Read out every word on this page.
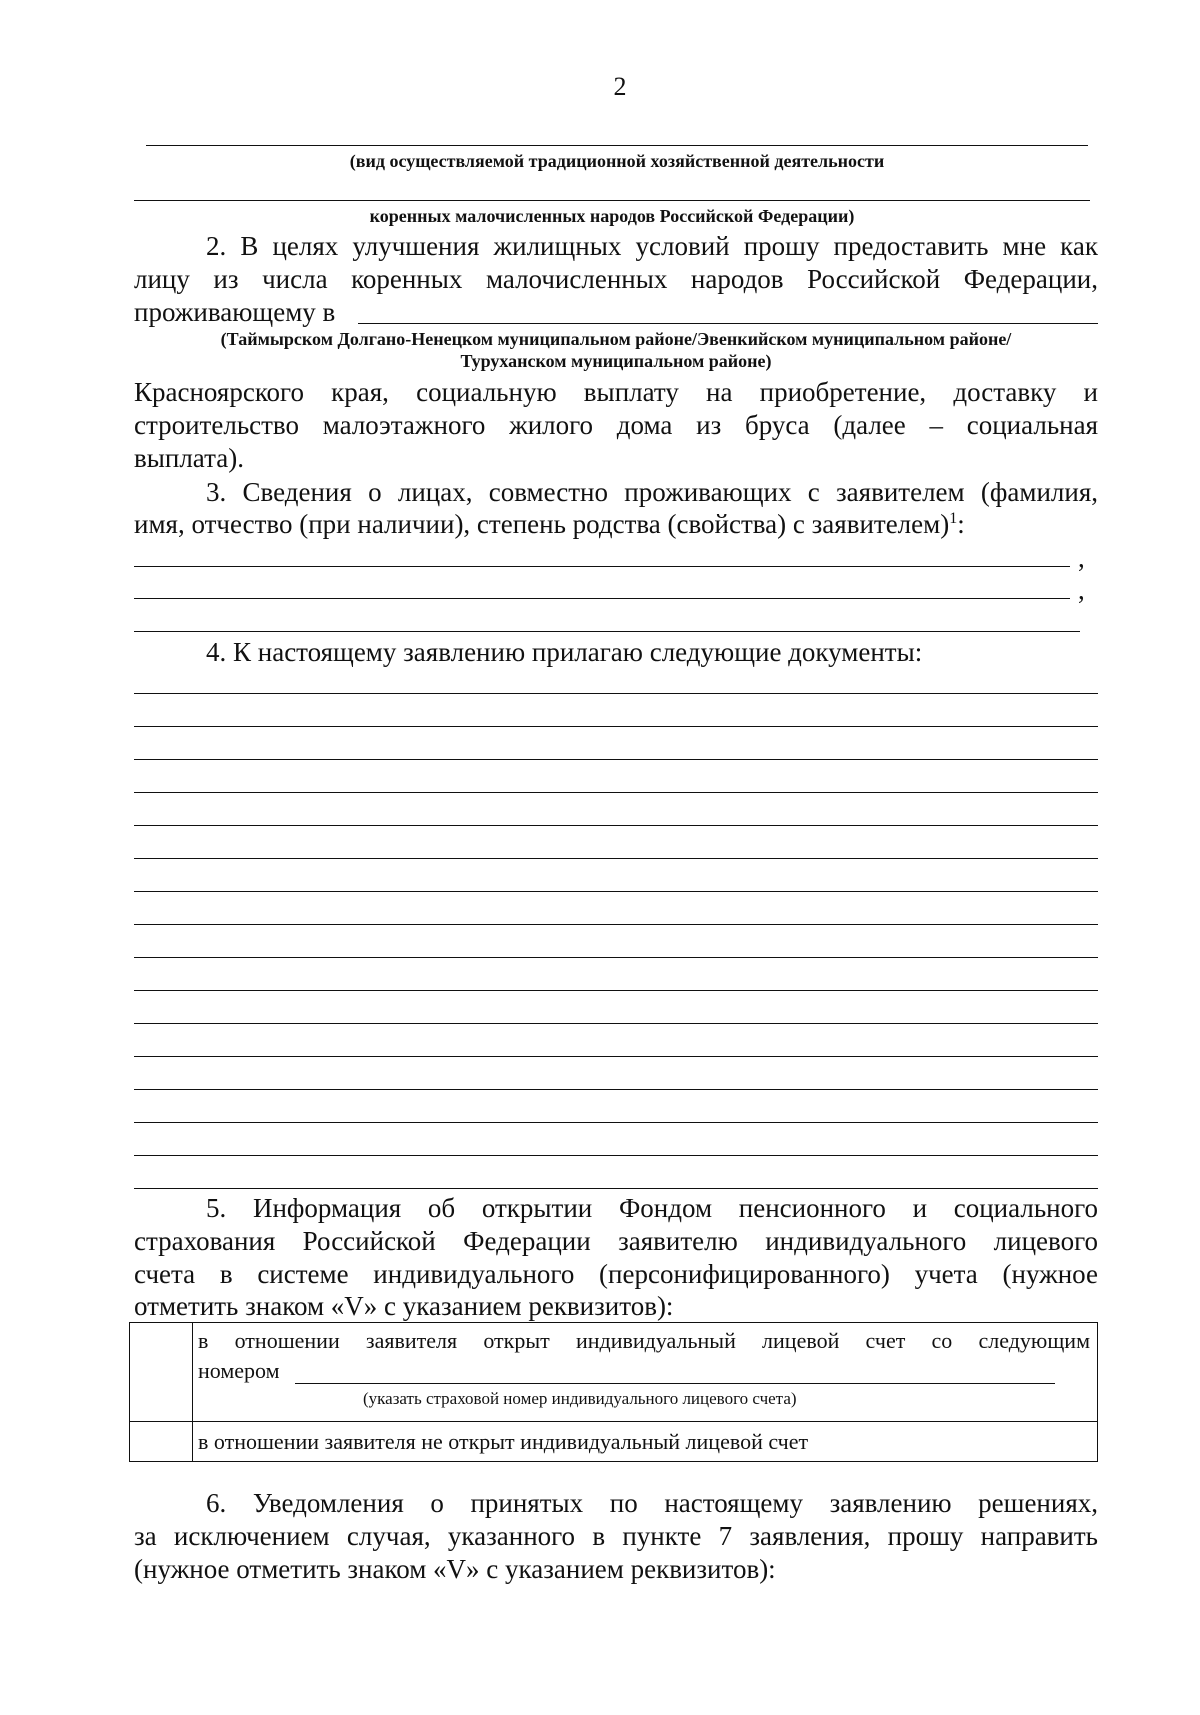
2
(вид осуществляемой традиционной хозяйственной деятельности
коренных малочисленных народов Российской Федерации)
2. В целях улучшения жилищных условий прошу предоставить мне как
лицу из числа коренных малочисленных народов Российской Федерации,
проживающему в
(Таймырском Долгано-Ненецком муниципальном районе/Эвенкийском муниципальном районе/
Туруханском муниципальном районе)
Красноярского края, социальную выплату на приобретение, доставку и
строительство малоэтажного жилого дома из бруса (далее – социальная
выплата).
3. Сведения о лицах, совместно проживающих с заявителем (фамилия,
имя, отчество (при наличии), степень родства (свойства) с заявителем)$^1$:
,
,
4. К настоящему заявлению прилагаю следующие документы:
5. Информация об открытии Фондом пенсионного и социального
страхования Российской Федерации заявителю индивидуального лицевого
счета в системе индивидуального (персонифицированного) учета (нужное
отметить знаком «V» с указанием реквизитов):
в отношении заявителя открыт индивидуальный лицевой счет со следующим
номером
(указать страховой номер индивидуального лицевого счета)
в отношении заявителя не открыт индивидуальный лицевой счет
6. Уведомления о принятых по настоящему заявлению решениях,
за исключением случая, указанного в пункте 7 заявления, прошу направить
(нужное отметить знаком «V» с указанием реквизитов):
